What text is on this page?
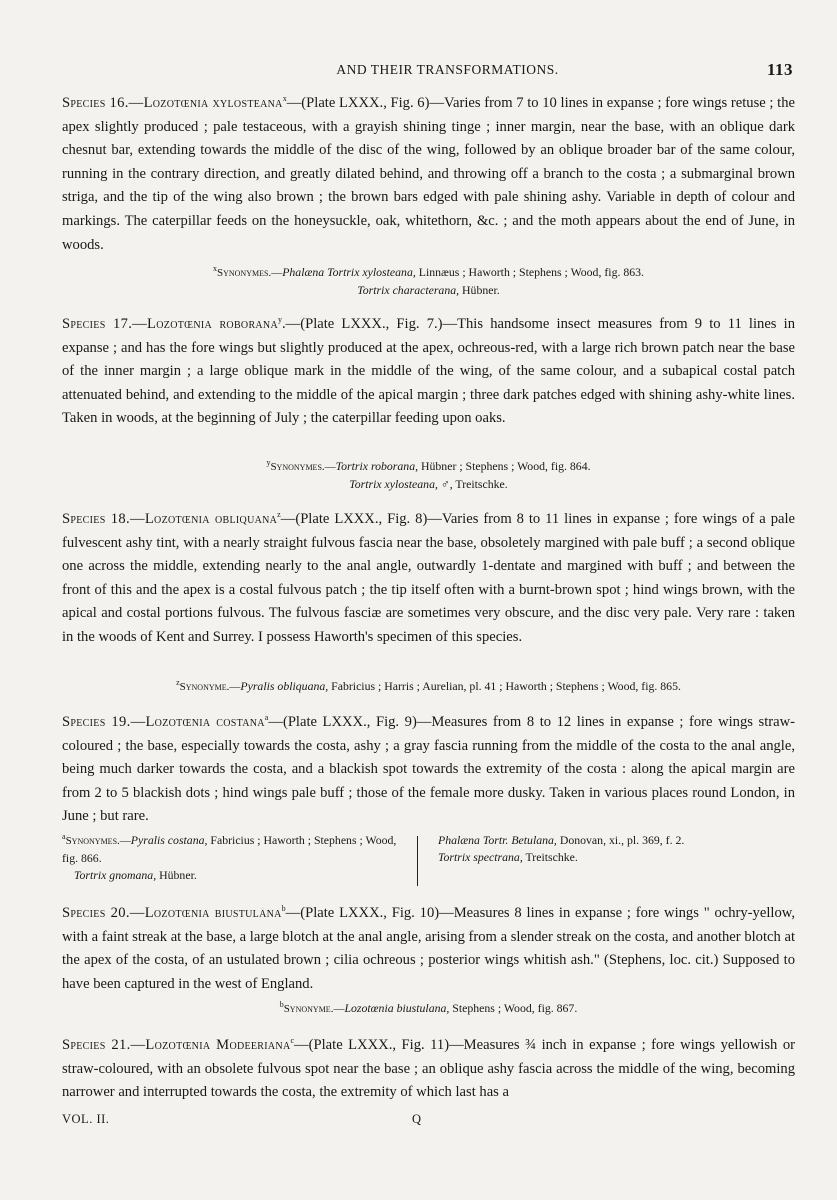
AND THEIR TRANSFORMATIONS.	113

Species 16.—Lozotœnia xylosteana$^x$—(Plate LXXX., Fig. 6)—Varies from 7 to 10 lines in expanse ; fore wings retuse ; the apex slightly produced ; pale testaceous, with a grayish shining tinge ; inner margin, near the base, with an oblique dark chesnut bar, extending towards the middle of the disc of the wing, followed by an oblique broader bar of the same colour, running in the contrary direction, and greatly dilated behind, and throwing off a branch to the costa ; a submarginal brown striga, and the tip of the wing also brown ; the brown bars edged with pale shining ashy. Variable in depth of colour and markings. The caterpillar feeds on the honeysuckle, oak, whitethorn, &c. ; and the moth appears about the end of June, in woods.

$^x$Synonymes.—Phalæna Tortrix xylosteana, Linnæus ; Haworth ; Stephens ; Wood, fig. 863.
Tortrix characterana, Hübner.

Species 17.—Lozotœnia roborana$^y$.—(Plate LXXX., Fig. 7.)—This handsome insect measures from 9 to 11 lines in expanse ; and has the fore wings but slightly produced at the apex, ochreous-red, with a large rich brown patch near the base of the inner margin ; a large oblique mark in the middle of the wing, of the same colour, and a subapical costal patch attenuated behind, and extending to the middle of the apical margin ; three dark patches edged with shining ashy-white lines. Taken in woods, at the beginning of July ; the caterpillar feeding upon oaks.

$^y$Synonymes.—Tortrix roborana, Hübner ; Stephens ; Wood, fig. 864.
Tortrix xylosteana, ♂, Treitschke.

Species 18.—Lozotœnia obliquana$^z$—(Plate LXXX., Fig. 8)—Varies from 8 to 11 lines in expanse ; fore wings of a pale fulvescent ashy tint, with a nearly straight fulvous fascia near the base, obsoletely margined with pale buff ; a second oblique one across the middle, extending nearly to the anal angle, outwardly 1-dentate and margined with buff ; and between the front of this and the apex is a costal fulvous patch ; the tip itself often with a burnt-brown spot ; hind wings brown, with the apical and costal portions fulvous. The fulvous fasciæ are sometimes very obscure, and the disc very pale. Very rare : taken in the woods of Kent and Surrey. I possess Haworth's specimen of this species.

$^z$Synonyme.—Pyralis obliquana, Fabricius ; Harris ; Aurelian, pl. 41 ; Haworth ; Stephens ; Wood, fig. 865.

Species 19.—Lozotœnia costana$^a$—(Plate LXXX., Fig. 9)—Measures from 8 to 12 lines in expanse ; fore wings straw-coloured ; the base, especially towards the costa, ashy ; a gray fascia running from the middle of the costa to the anal angle, being much darker towards the costa, and a blackish spot towards the extremity of the costa : along the apical margin are from 2 to 5 blackish dots ; hind wings pale buff ; those of the female more dusky. Taken in various places round London, in June ; but rare.

$^a$Synonymes.—Pyralis costana, Fabricius ; Haworth ; Stephens ; Wood, fig. 866.
Tortrix gnomana, Hübner.
Phalæna Tortr. Betulana, Donovan, xi., pl. 369, f. 2.
Tortrix spectrana, Treitschke.

Species 20.—Lozotœnia biustulana$^b$—(Plate LXXX., Fig. 10)—Measures 8 lines in expanse ; fore wings " ochry-yellow, with a faint streak at the base, a large blotch at the anal angle, arising from a slender streak on the costa, and another blotch at the apex of the costa, of an ustulated brown ; cilia ochreous ; posterior wings whitish ash." (Stephens, loc. cit.) Supposed to have been captured in the west of England.

$^b$Synonyme.—Lozotœnia biustulana, Stephens ; Wood, fig. 867.

Species 21.—Lozotœnia Modeeriana$^c$—(Plate LXXX., Fig. 11)—Measures ¾ inch in expanse ; fore wings yellowish or straw-coloured, with an obsolete fulvous spot near the base ; an oblique ashy fascia across the middle of the wing, becoming narrower and interrupted towards the costa, the extremity of which last has a

VOL. II.	Q
